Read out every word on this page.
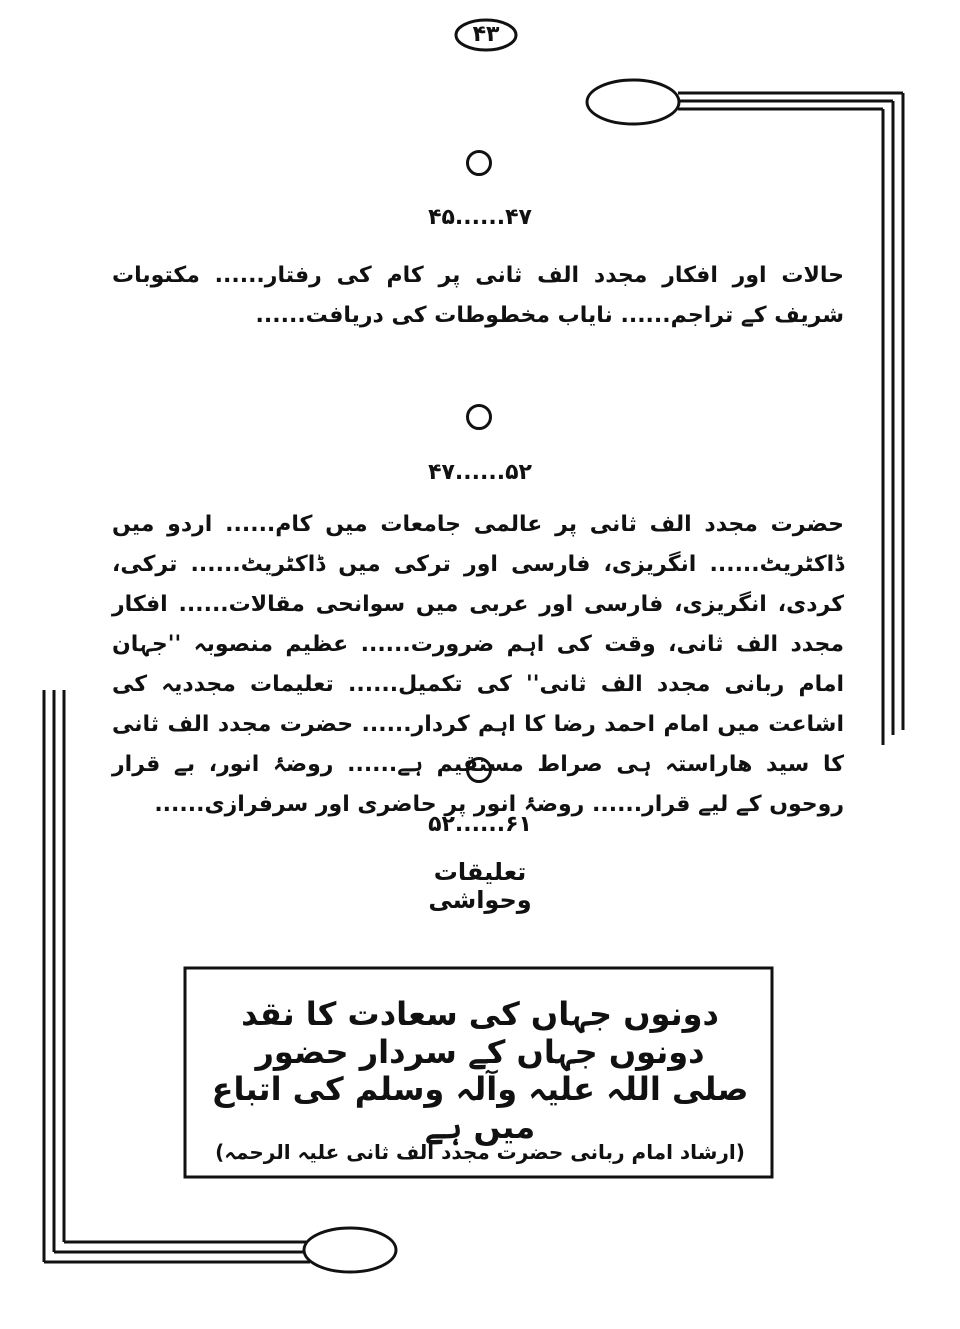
۴۳
۴۵......۴۷
حالات اور افکار مجدد الف ثانی پر کام کی رفتار...... مکتوبات شریف کے تراجم...... نایاب مخطوطات کی دریافت......
۴۷......۵۲
حضرت مجدد الف ثانی پر عالمی جامعات میں کام...... اردو میں ڈاکٹریٹ...... انگریزی، فارسی اور ترکی میں ڈاکٹریٹ...... ترکی، کردی، انگریزی، فارسی اور عربی میں سوانحی مقالات...... افکار مجدد الف ثانی، وقت کی اہم ضرورت...... عظیم منصوبہ ''جہان امام ربانی مجدد الف ثانی'' کی تکمیل...... تعلیمات مجددیہ کی اشاعت میں امام احمد رضا کا اہم کردار...... حضرت مجدد الف ثانی کا سید ھاراستہ ہی صراط مستقیم ہے...... روضۂ انور، بے قرار روحوں کے لیے قرار...... روضۂ انور پر حاضری اور سرفرازی......
۵۲......۶۱
تعلیقات وحواشی
دونوں جہاں کی سعادت کا نقد دونوں جہاں کے سردار حضور
صلی اللہ علیہ وآلہ وسلم کی اتباع میں ہے
(ارشاد امام ربانی حضرت مجدد الف ثانی علیہ الرحمہ)
